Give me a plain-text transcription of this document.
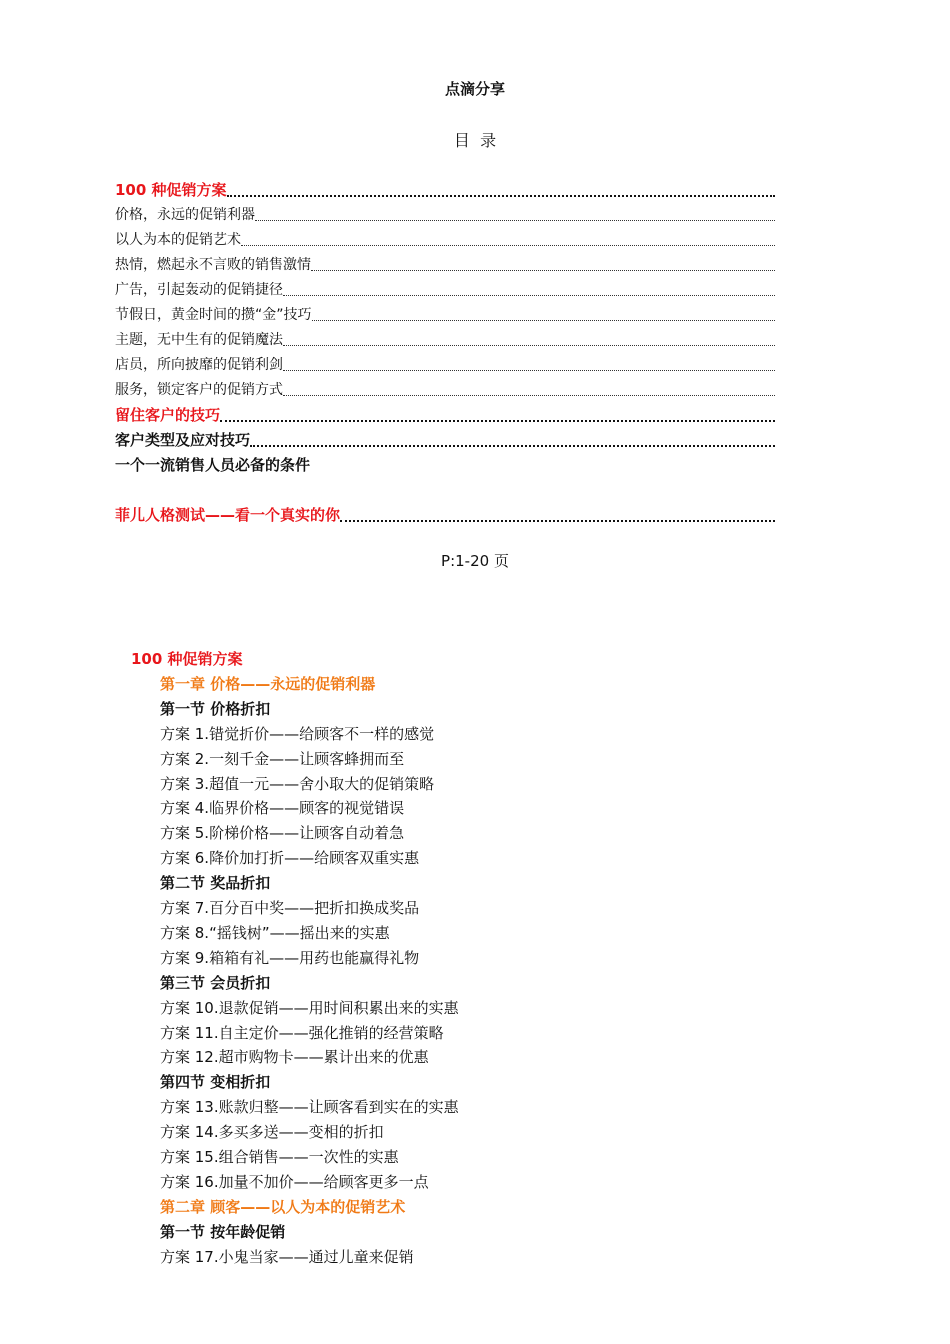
点滴分享
目  录
100 种促销方案
价格，永远的促销利器
以人为本的促销艺术
热情，燃起永不言败的销售激情
广告，引起轰动的促销捷径
节假日，黄金时间的攒“金”技巧
主题，无中生有的促销魔法
店员，所向披靡的促销利剑
服务，锁定客户的促销方式
留住客户的技巧
客户类型及应对技巧
一个一流销售人员必备的条件
菲儿人格测试——看一个真实的你
P:1-20 页
100 种促销方案
第一章 价格——永远的促销利器
第一节 价格折扣
方案 1.错觉折价——给顾客不一样的感觉
方案 2.一刻千金——让顾客蜂拥而至
方案 3.超值一元——舍小取大的促销策略
方案 4.临界价格——顾客的视觉错误
方案 5.阶梯价格——让顾客自动着急
方案 6.降价加打折——给顾客双重实惠
第二节 奖品折扣
方案 7.百分百中奖——把折扣换成奖品
方案 8.“摇钱树”——摇出来的实惠
方案 9.箱箱有礼——用药也能赢得礼物
第三节 会员折扣
方案 10.退款促销——用时间积累出来的实惠
方案 11.自主定价——强化推销的经营策略
方案 12.超市购物卡——累计出来的优惠
第四节 变相折扣
方案 13.账款归整——让顾客看到实在的实惠
方案 14.多买多送——变相的折扣
方案 15.组合销售——一次性的实惠
方案 16.加量不加价——给顾客更多一点
第二章 顾客——以人为本的促销艺术
第一节 按年龄促销
方案 17.小鬼当家——通过儿童来促销
